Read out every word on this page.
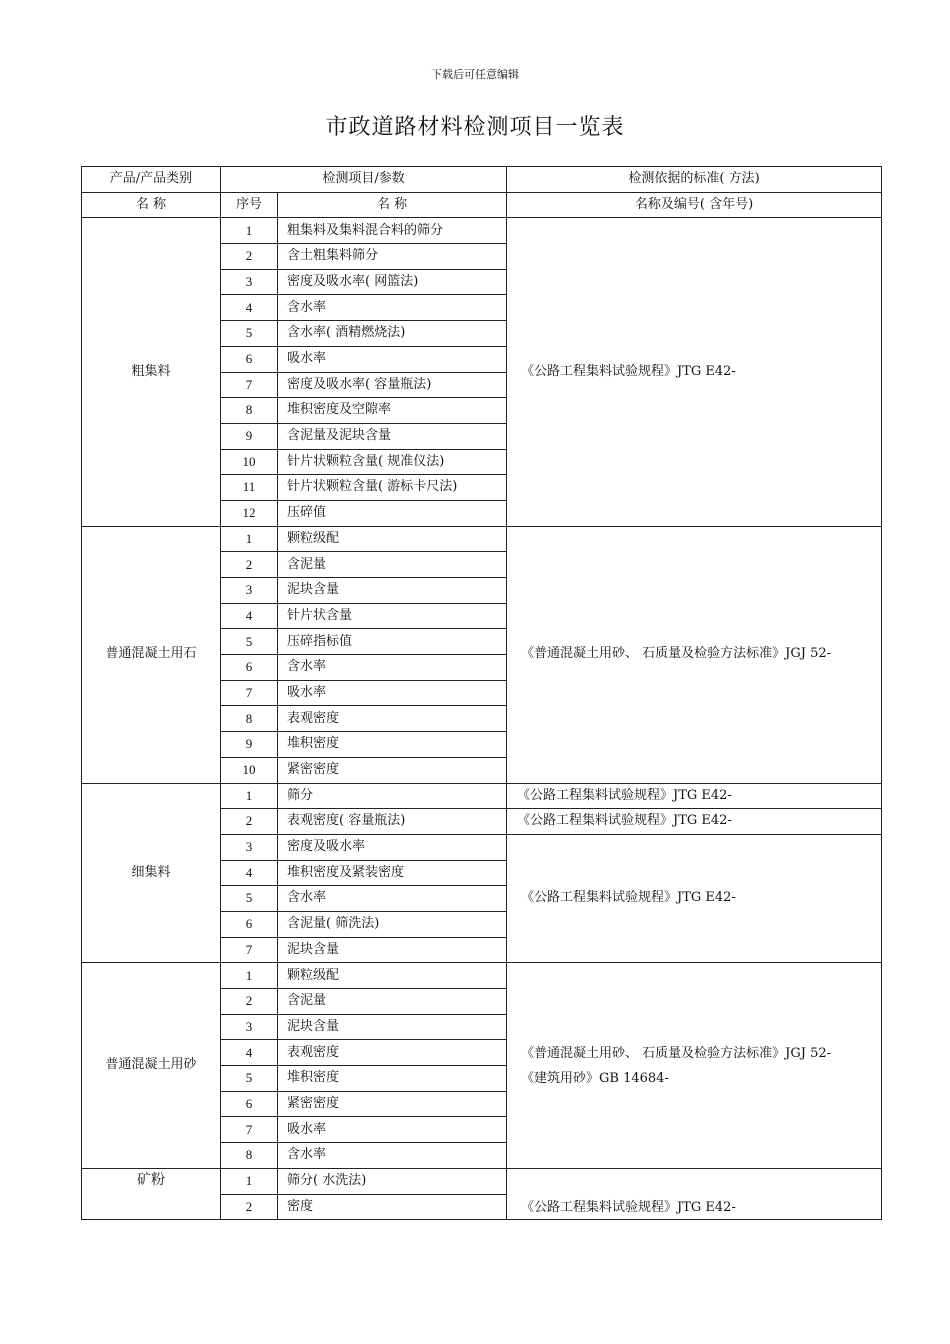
下载后可任意编辑
市政道路材料检测项目一览表
产品/产品类别	检测项目/参数		检测依据的标准( 方法)
名 称	序号	名 称	名称及编号( 含年号)
粗集料	1	粗集料及集料混合料的筛分	《公路工程集料试验规程》JTG E42-
	2	含土粗集料筛分	
	3	密度及吸水率( 网篮法)	
	4	含水率	
	5	含水率( 酒精燃烧法)	
	6	吸水率	
	7	密度及吸水率( 容量瓶法)	
	8	堆积密度及空隙率	
	9	含泥量及泥块含量	
	10	针片状颗粒含量( 规准仪法)	
	11	针片状颗粒含量( 游标卡尺法)	
	12	压碎值	
普通混凝土用石	1	颗粒级配	《普通混凝土用砂、 石质量及检验方法标准》JGJ 52-
	2	含泥量	
	3	泥块含量	
	4	针片状含量	
	5	压碎指标值	
	6	含水率	
	7	吸水率	
	8	表观密度	
	9	堆积密度	
	10	紧密密度	
细集料	1	筛分	《公路工程集料试验规程》JTG E42-
	2	表观密度( 容量瓶法)	《公路工程集料试验规程》JTG E42-
	3	密度及吸水率	《公路工程集料试验规程》JTG E42-
	4	堆积密度及紧装密度	
	5	含水率	
	6	含泥量( 筛洗法)	
	7	泥块含量	
普通混凝土用砂	1	颗粒级配	《普通混凝土用砂、 石质量及检验方法标准》JGJ 52-
《建筑用砂》GB 14684-

	2	含泥量	
	3	泥块含量	
	4	表观密度	
	5	堆积密度	
	6	紧密密度	
	7	吸水率	
	8	含水率	
矿粉	1	筛分( 水洗法)	《公路工程集料试验规程》JTG E42-
	2	密度	
